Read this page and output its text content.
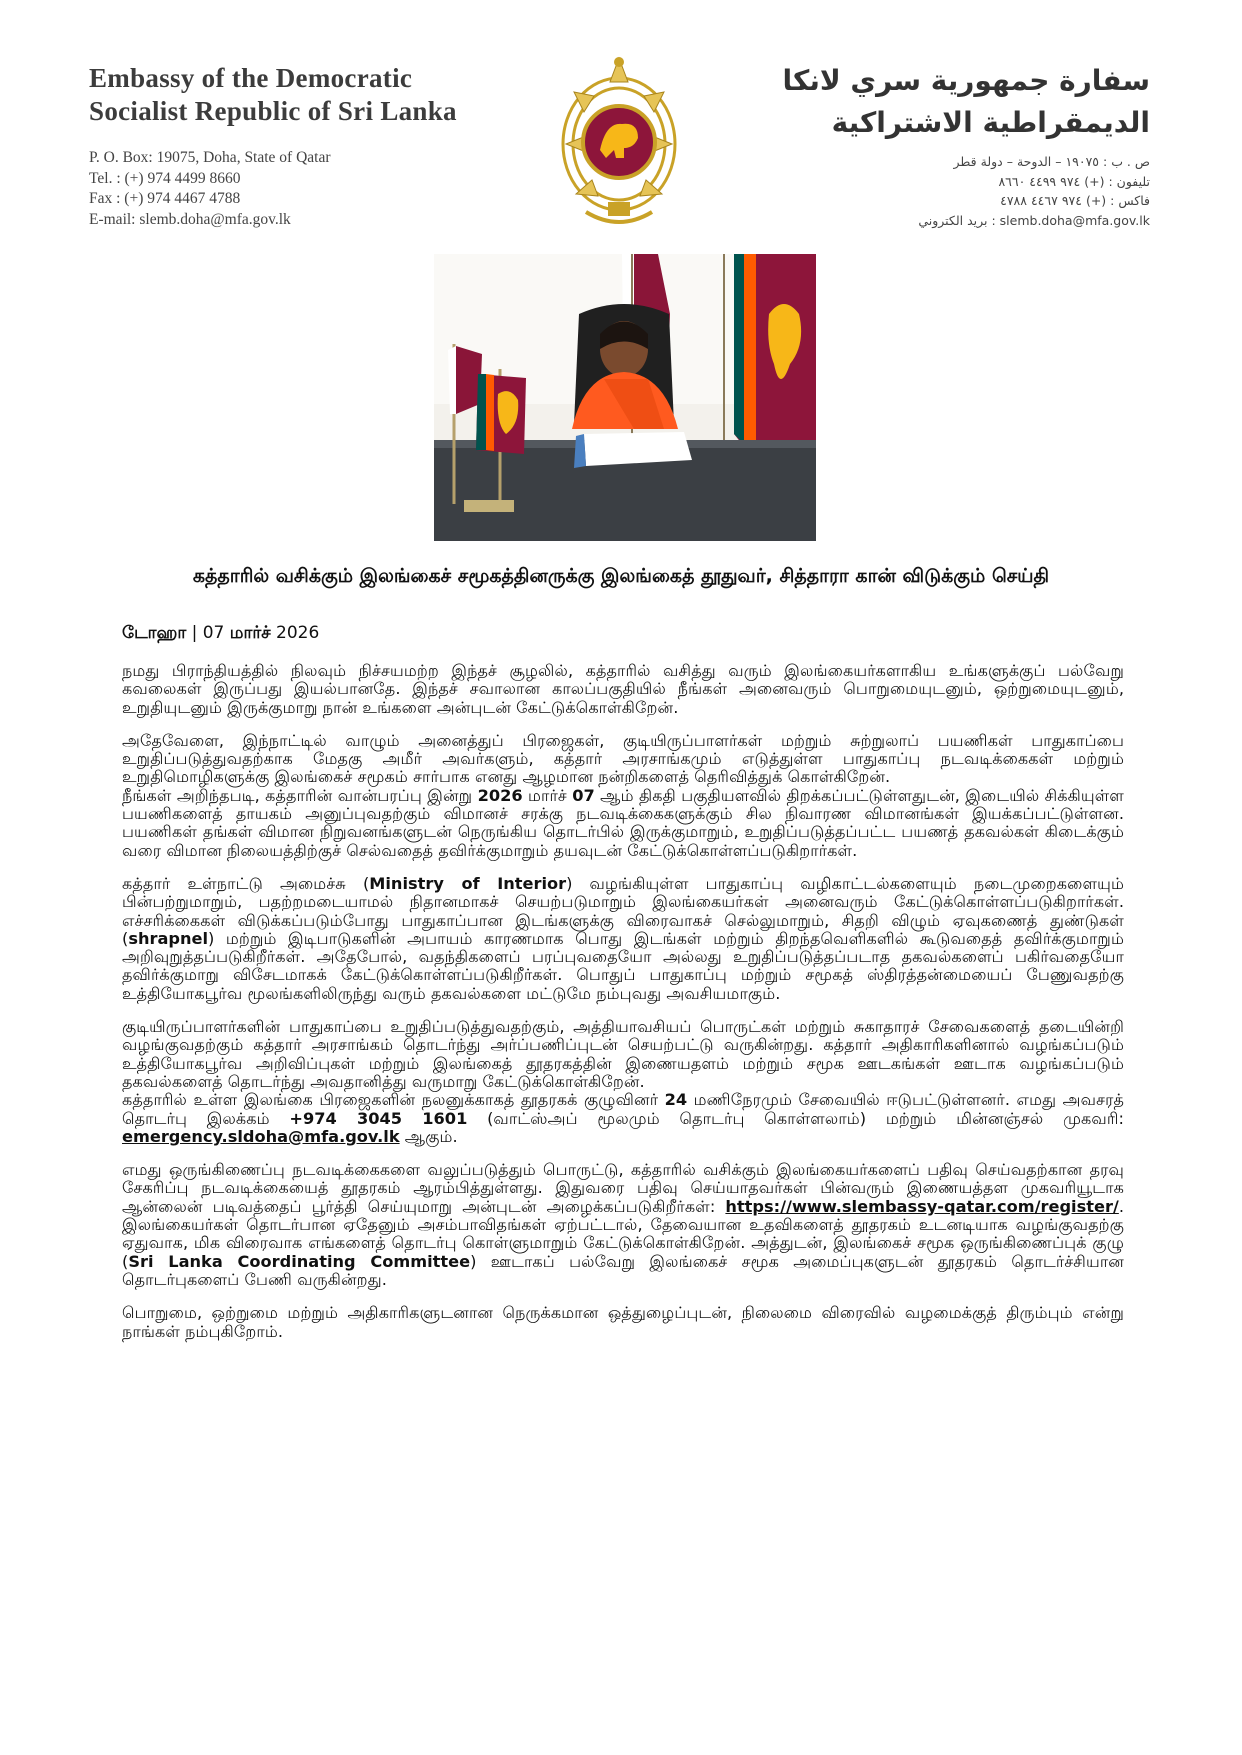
Embassy of the Democratic
Socialist Republic of Sri Lanka
P. O. Box: 19075, Doha, State of Qatar
Tel. : (+) 974 4499 8660
Fax : (+) 974 4467 4788
E-mail: slemb.doha@mfa.gov.lk
سفارة جمهورية سري لانكا
الديمقراطية الاشتراكية
ص . ب : ١٩٠٧٥ – الدوحة – دولة قطر
تليفون : (+) ٩٧٤ ٤٤٩٩ ٨٦٦٠
فاكس : (+) ٩٧٤ ٤٤٦٧ ٤٧٨٨
slemb.doha@mfa.gov.lk : بريد الكتروني
கத்தாரில் வசிக்கும் இலங்கைச் சமூகத்தினருக்கு இலங்கைத் தூதுவர், சித்தாரா கான் விடுக்கும் செய்தி
டோஹா | 07 மார்ச் 2026

நமது பிராந்தியத்தில் நிலவும் நிச்சயமற்ற இந்தச் சூழலில், கத்தாரில் வசித்து வரும் இலங்கையர்களாகிய உங்களுக்குப் பல்வேறு கவலைகள் இருப்பது இயல்பானதே. இந்தச் சவாலான காலப்பகுதியில் நீங்கள் அனைவரும் பொறுமையுடனும், ஒற்றுமையுடனும், உறுதியுடனும் இருக்குமாறு நான் உங்களை அன்புடன் கேட்டுக்கொள்கிறேன்.

அதேவேளை, இந்நாட்டில் வாழும் அனைத்துப் பிரஜைகள், குடியிருப்பாளர்கள் மற்றும் சுற்றுலாப் பயணிகள் பாதுகாப்பை உறுதிப்படுத்துவதற்காக மேதகு அமீர் அவர்களும், கத்தார் அரசாங்கமும் எடுத்துள்ள பாதுகாப்பு நடவடிக்கைகள் மற்றும் உறுதிமொழிகளுக்கு இலங்கைச் சமூகம் சார்பாக எனது ஆழமான நன்றிகளைத் தெரிவித்துக் கொள்கிறேன்.

நீங்கள் அறிந்தபடி, கத்தாரின் வான்பரப்பு இன்று 2026 மார்ச் 07 ஆம் திகதி பகுதியளவில் திறக்கப்பட்டுள்ளதுடன், இடையில் சிக்கியுள்ள பயணிகளைத் தாயகம் அனுப்புவதற்கும் விமானச் சரக்கு நடவடிக்கைகளுக்கும் சில நிவாரண விமானங்கள் இயக்கப்பட்டுள்ளன. பயணிகள் தங்கள் விமான நிறுவனங்களுடன் நெருங்கிய தொடர்பில் இருக்குமாறும், உறுதிப்படுத்தப்பட்ட பயணத் தகவல்கள் கிடைக்கும் வரை விமான நிலையத்திற்குச் செல்வதைத் தவிர்க்குமாறும் தயவுடன் கேட்டுக்கொள்ளப்படுகிறார்கள்.

கத்தார் உள்நாட்டு அமைச்சு (Ministry of Interior) வழங்கியுள்ள பாதுகாப்பு வழிகாட்டல்களையும் நடைமுறைகளையும் பின்பற்றுமாறும், பதற்றமடையாமல் நிதானமாகச் செயற்படுமாறும் இலங்கையர்கள் அனைவரும் கேட்டுக்கொள்ளப்படுகிறார்கள். எச்சரிக்கைகள் விடுக்கப்படும்போது பாதுகாப்பான இடங்களுக்கு விரைவாகச் செல்லுமாறும், சிதறி விழும் ஏவுகணைத் துண்டுகள் (shrapnel) மற்றும் இடிபாடுகளின் அபாயம் காரணமாக பொது இடங்கள் மற்றும் திறந்தவெளிகளில் கூடுவதைத் தவிர்க்குமாறும் அறிவுறுத்தப்படுகிறீர்கள். அதேபோல், வதந்திகளைப் பரப்புவதையோ அல்லது உறுதிப்படுத்தப்படாத தகவல்களைப் பகிர்வதையோ தவிர்க்குமாறு விசேடமாகக் கேட்டுக்கொள்ளப்படுகிறீர்கள். பொதுப் பாதுகாப்பு மற்றும் சமூகத் ஸ்திரத்தன்மையைப் பேணுவதற்கு உத்தியோகபூர்வ மூலங்களிலிருந்து வரும் தகவல்களை மட்டுமே நம்புவது அவசியமாகும்.

குடியிருப்பாளர்களின் பாதுகாப்பை உறுதிப்படுத்துவதற்கும், அத்தியாவசியப் பொருட்கள் மற்றும் சுகாதாரச் சேவைகளைத் தடையின்றி வழங்குவதற்கும் கத்தார் அரசாங்கம் தொடர்ந்து அர்ப்பணிப்புடன் செயற்பட்டு வருகின்றது. கத்தார் அதிகாரிகளினால் வழங்கப்படும் உத்தியோகபூர்வ அறிவிப்புகள் மற்றும் இலங்கைத் தூதரகத்தின் இணையதளம் மற்றும் சமூக ஊடகங்கள் ஊடாக வழங்கப்படும் தகவல்களைத் தொடர்ந்து அவதானித்து வருமாறு கேட்டுக்கொள்கிறேன்.

கத்தாரில் உள்ள இலங்கை பிரஜைகளின் நலனுக்காகத் தூதரகக் குழுவினர் 24 மணிநேரமும் சேவையில் ஈடுபட்டுள்ளனர். எமது அவசரத் தொடர்பு இலக்கம் +974 3045 1601 (வாட்ஸ்அப் மூலமும் தொடர்பு கொள்ளலாம்) மற்றும் மின்னஞ்சல் முகவரி: emergency.sldoha@mfa.gov.lk ஆகும்.

எமது ஒருங்கிணைப்பு நடவடிக்கைகளை வலுப்படுத்தும் பொருட்டு, கத்தாரில் வசிக்கும் இலங்கையர்களைப் பதிவு செய்வதற்கான தரவு சேகரிப்பு நடவடிக்கையைத் தூதரகம் ஆரம்பித்துள்ளது. இதுவரை பதிவு செய்யாதவர்கள் பின்வரும் இணையத்தள முகவரியூடாக ஆன்லைன் படிவத்தைப் பூர்த்தி செய்யுமாறு அன்புடன் அழைக்கப்படுகிறீர்கள்: https://www.slembassy-qatar.com/register/. இலங்கையர்கள் தொடர்பான ஏதேனும் அசம்பாவிதங்கள் ஏற்பட்டால், தேவையான உதவிகளைத் தூதரகம் உடனடியாக வழங்குவதற்கு ஏதுவாக, மிக விரைவாக எங்களைத் தொடர்பு கொள்ளுமாறும் கேட்டுக்கொள்கிறேன். அத்துடன், இலங்கைச் சமூக ஒருங்கிணைப்புக் குழு (Sri Lanka Coordinating Committee) ஊடாகப் பல்வேறு இலங்கைச் சமூக அமைப்புகளுடன் தூதரகம் தொடர்ச்சியான தொடர்புகளைப் பேணி வருகின்றது.

பொறுமை, ஒற்றுமை மற்றும் அதிகாரிகளுடனான நெருக்கமான ஒத்துழைப்புடன், நிலைமை விரைவில் வழமைக்குத் திரும்பும் என்று நாங்கள் நம்புகிறோம்.
